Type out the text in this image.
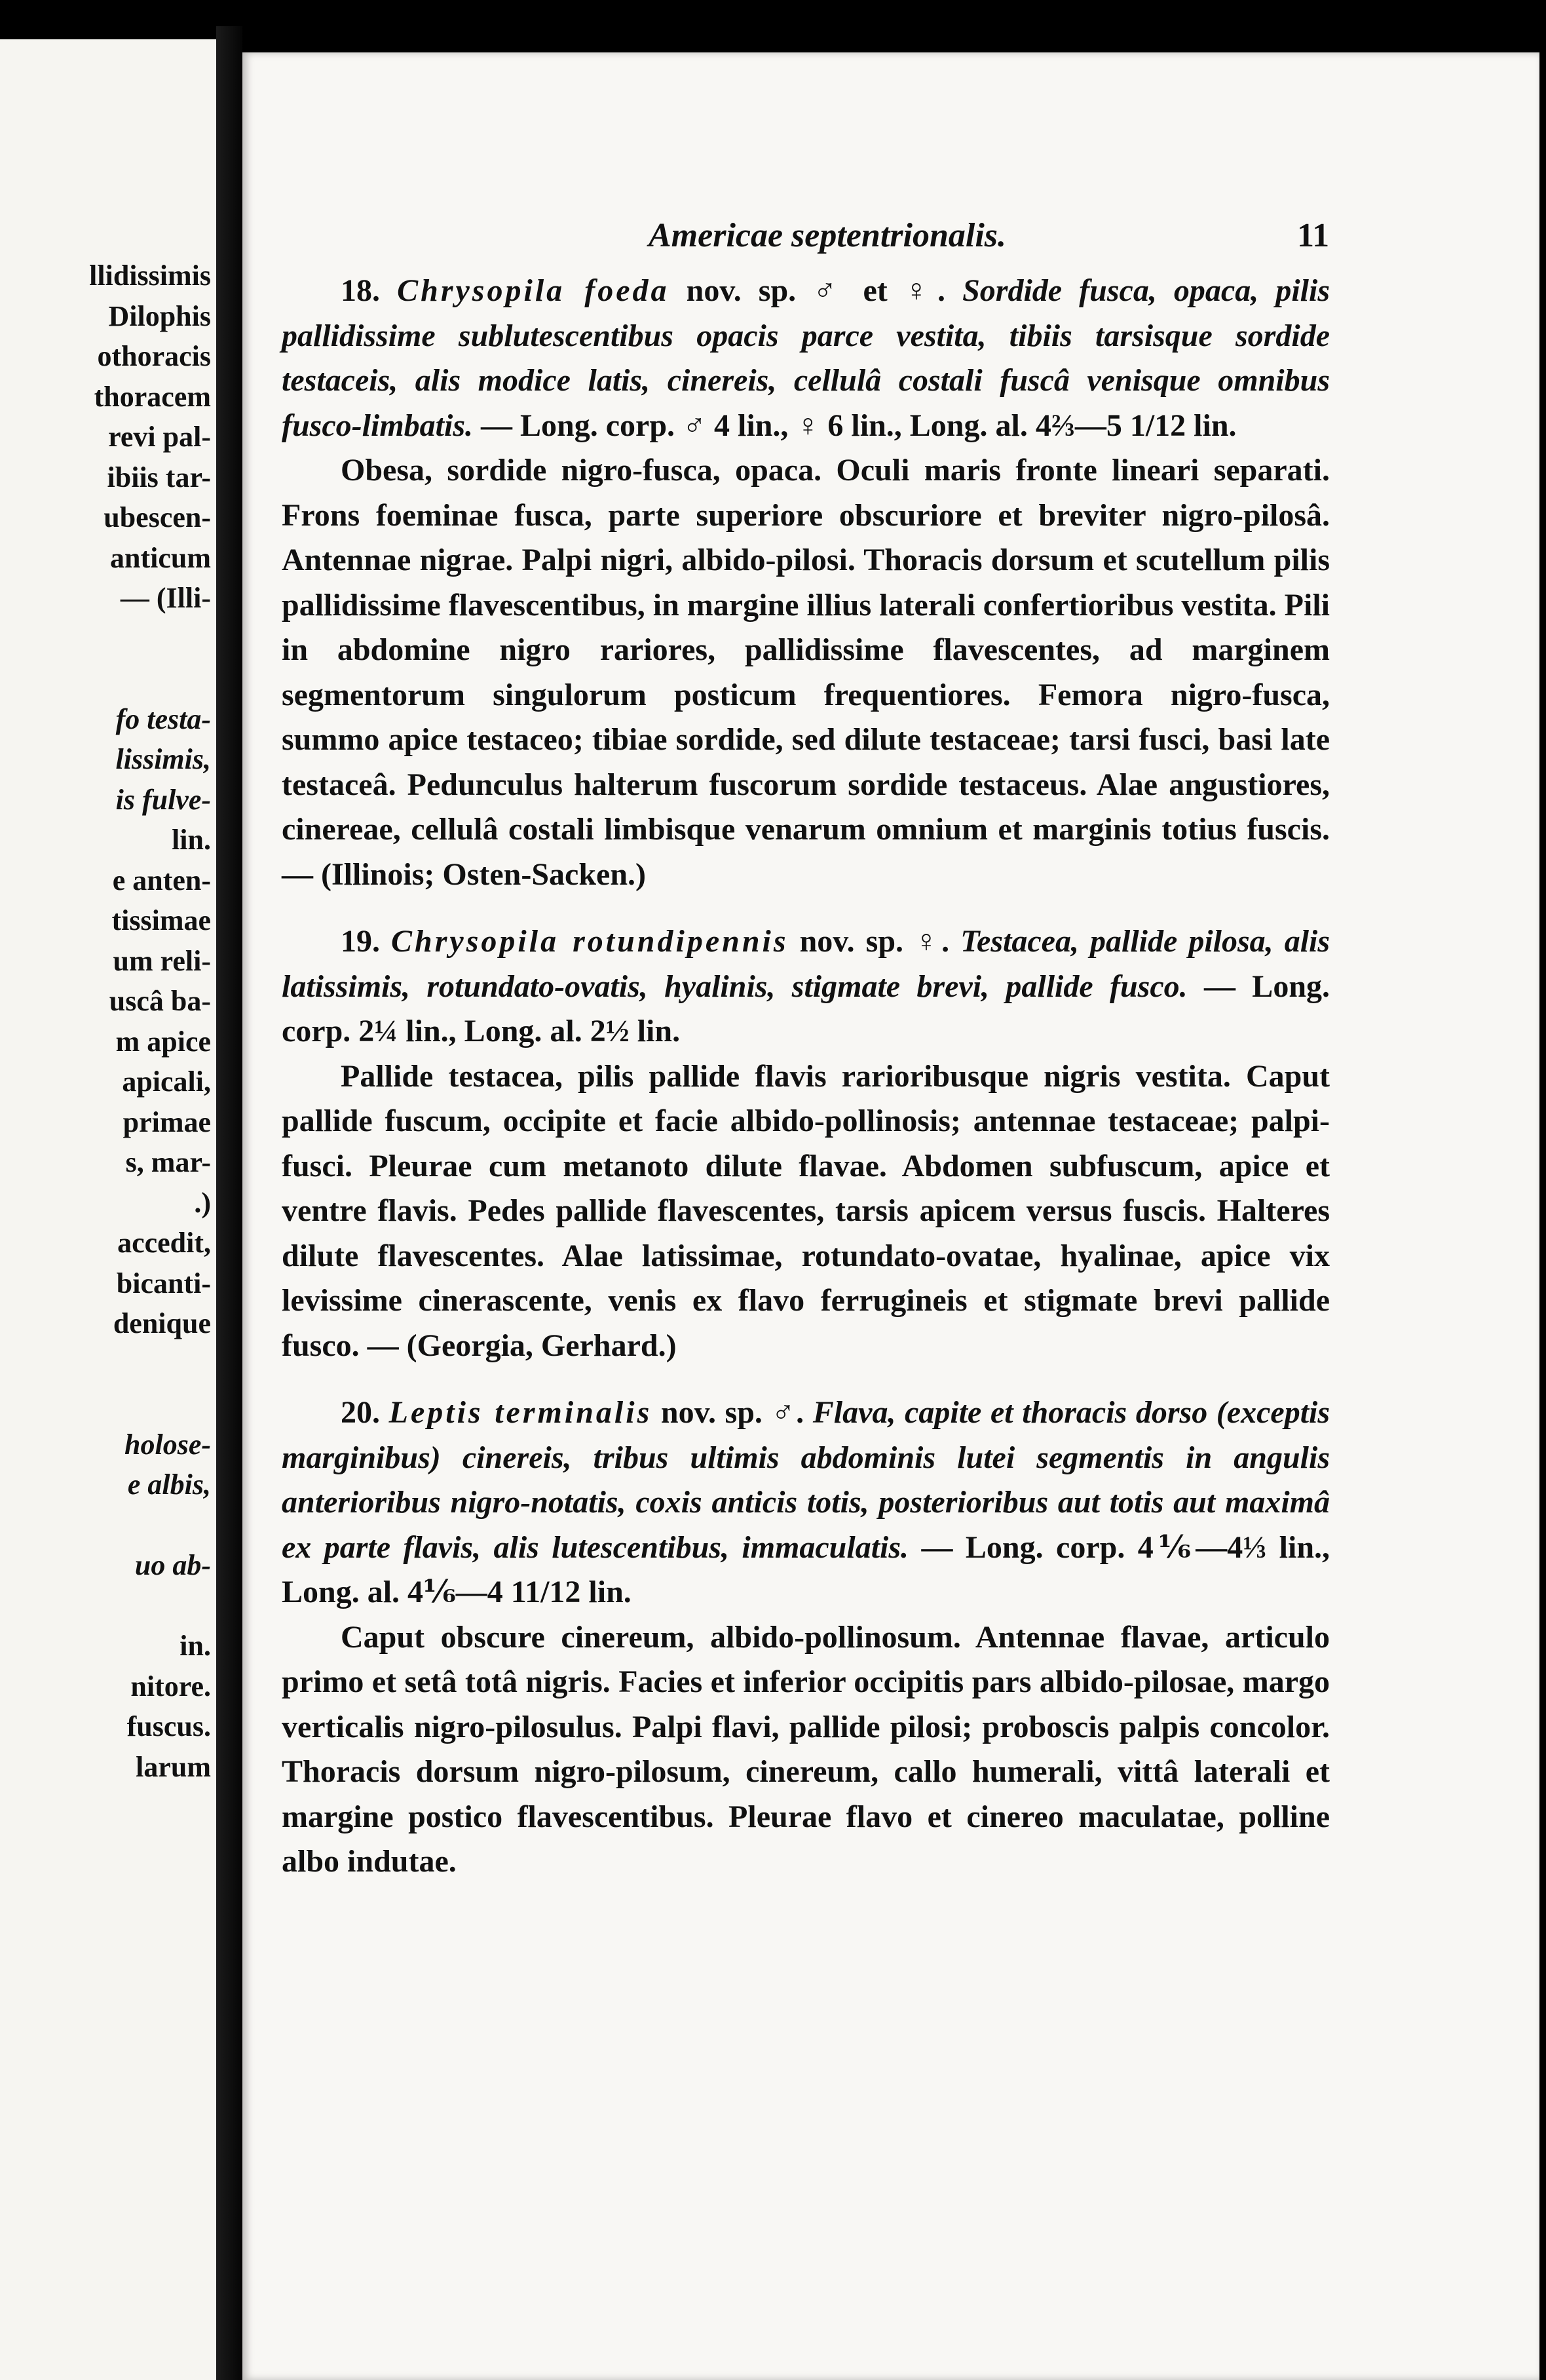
llidissimis
Dilophis
othoracis
thoracem
revi pal-
ibiis tar-
ubescen-
anticum
— (Illi-
fo testa-
lissimis,
is fulve-
lin.
e anten-
tissimae
um reli-
uscâ ba-
m apice
apicali,
primae
s, mar-
.)
accedit,
bicanti-
denique
holose-
e albis,
uo ab-
in.
nitore.
fuscus.
larum
Americae septentrionalis.	11

18. Chrysopila foeda nov. sp. ♂ et ♀. Sordide fusca, opaca, pilis pallidissime sublutescentibus opacis parce vestita, tibiis tarsisque sordide testaceis, alis modice latis, cinereis, cellulâ costali fuscâ venisque omnibus fusco-limbatis. — Long. corp. ♂ 4 lin., ♀ 6 lin., Long. al. 4⅔—5 1/12 lin.

Obesa, sordide nigro-fusca, opaca. Oculi maris fronte lineari separati. Frons foeminae fusca, parte superiore obscuriore et breviter nigro-pilosâ. Antennae nigrae. Palpi nigri, albido-pilosi. Thoracis dorsum et scutellum pilis pallidissime flavescentibus, in margine illius laterali confertioribus vestita. Pili in abdomine nigro rariores, pallidissime flavescentes, ad marginem segmentorum singulorum posticum frequentiores. Femora nigro-fusca, summo apice testaceo; tibiae sordide, sed dilute testaceae; tarsi fusci, basi late testaceâ. Pedunculus halterum fuscorum sordide testaceus. Alae angustiores, cinereae, cellulâ costali limbisque venarum omnium et marginis totius fuscis. — (Illinois; Osten-Sacken.)

19. Chrysopila rotundipennis nov. sp. ♀. Testacea, pallide pilosa, alis latissimis, rotundato-ovatis, hyalinis, stigmate brevi, pallide fusco. — Long. corp. 2¼ lin., Long. al. 2½ lin.

Pallide testacea, pilis pallide flavis rarioribusque nigris vestita. Caput pallide fuscum, occipite et facie albido-pollinosis; antennae testaceae; palpi-fusci. Pleurae cum metanoto dilute flavae. Abdomen subfuscum, apice et ventre flavis. Pedes pallide flavescentes, tarsis apicem versus fuscis. Halteres dilute flavescentes. Alae latissimae, rotundato-ovatae, hyalinae, apice vix levissime cinerascente, venis ex flavo ferrugineis et stigmate brevi pallide fusco. — (Georgia, Gerhard.)

20. Leptis terminalis nov. sp. ♂. Flava, capite et thoracis dorso (exceptis marginibus) cinereis, tribus ultimis abdominis lutei segmentis in angulis anterioribus nigro-notatis, coxis anticis totis, posterioribus aut totis aut maximâ ex parte flavis, alis lutescentibus, immaculatis. — Long. corp. 4⅙—4⅓ lin., Long. al. 4⅙—4 11/12 lin.

Caput obscure cinereum, albido-pollinosum. Antennae flavae, articulo primo et setâ totâ nigris. Facies et inferior occipitis pars albido-pilosae, margo verticalis nigro-pilosulus. Palpi flavi, pallide pilosi; proboscis palpis concolor. Thoracis dorsum nigro-pilosum, cinereum, callo humerali, vittâ laterali et margine postico flavescentibus. Pleurae flavo et cinereo maculatae, polline albo indutae.
